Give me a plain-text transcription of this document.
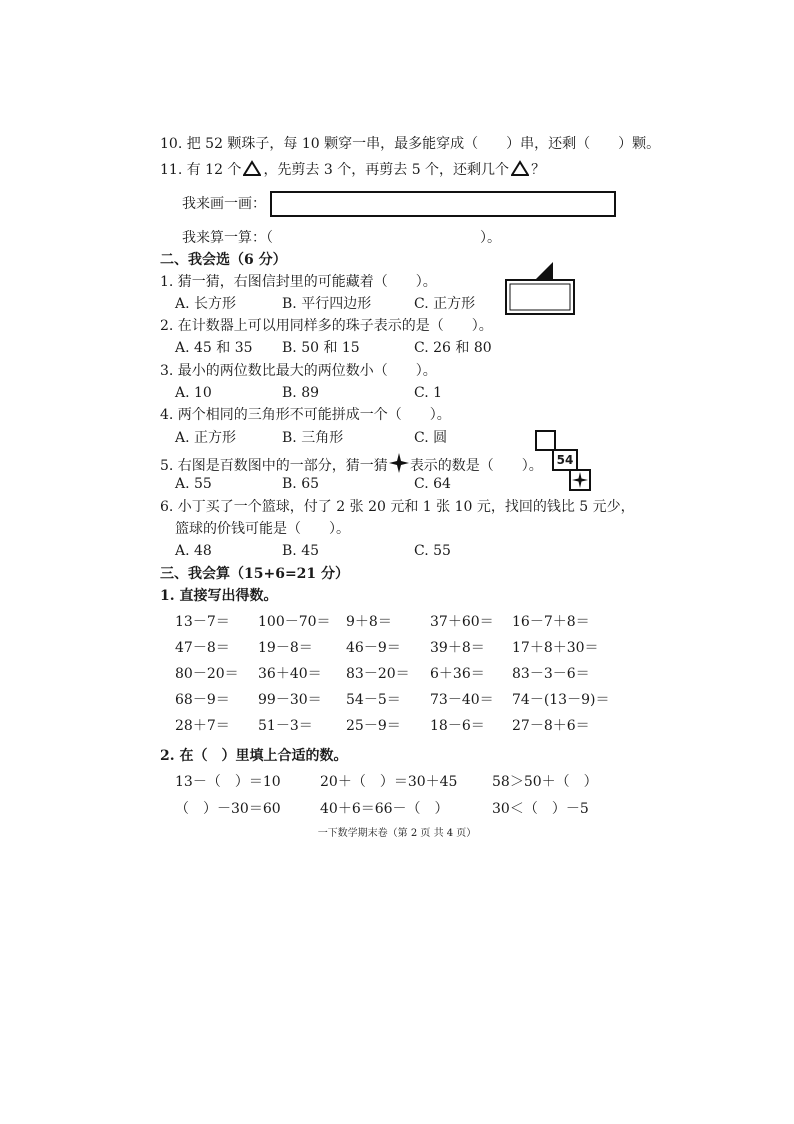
10. 把 52 颗珠子，每 10 颗穿一串，最多能穿成（　　）串，还剩（　　）颗。
11. 有 12 个 ，先剪去 3 个，再剪去 5 个，还剩几个 ？
我来画一画：
我来算一算：（	）。
二、我会选（6 分）
1. 猜一猜，右图信封里的可能藏着（　　）。
A. 长方形	B. 平行四边形	C. 正方形
2. 在计数器上可以用同样多的珠子表示的是（　　）。
A. 45 和 35 B. 50 和 15	C. 26 和 80
3. 最小的两位数比最大的两位数小（　　）。
A. 10	B. 89	C. 1
4. 两个相同的三角形不可能拼成一个（　　）。
A. 正方形	B. 三角形	C. 圆
54
5. 右图是百数图中的一部分，猜一猜 表示的数是（　　）。
A. 55	B. 65	C. 64
6. 小丁买了一个篮球，付了 2 张 20 元和 1 张 10 元，找回的钱比 5 元少，
篮球的价钱可能是（　　）。
A. 48	B. 45	C. 55
三、我会算（15+6=21 分）
1. 直接写出得数。
13－7＝ 100－70＝ 9＋8＝	37＋60＝ 16－7＋8＝
47－8＝ 19－8＝ 46－9＝ 39＋8＝ 17＋8＋30＝
80－20＝ 36＋40＝ 83－20＝ 6＋36＝ 83－3－6＝
68－9＝ 99－30＝ 54－5＝ 73－40＝ 74－(13－9)＝
28＋7＝ 51－3＝ 25－9＝ 18－6＝ 27－8＋6＝
2. 在（　）里填上合适的数。
13－（　）＝10	20＋（　）＝30＋45 58＞50＋（　）
（　）－30＝60	40＋6＝66－（　）	30＜（　）－5
一下数学期末卷（第 2 页 共 4 页）
